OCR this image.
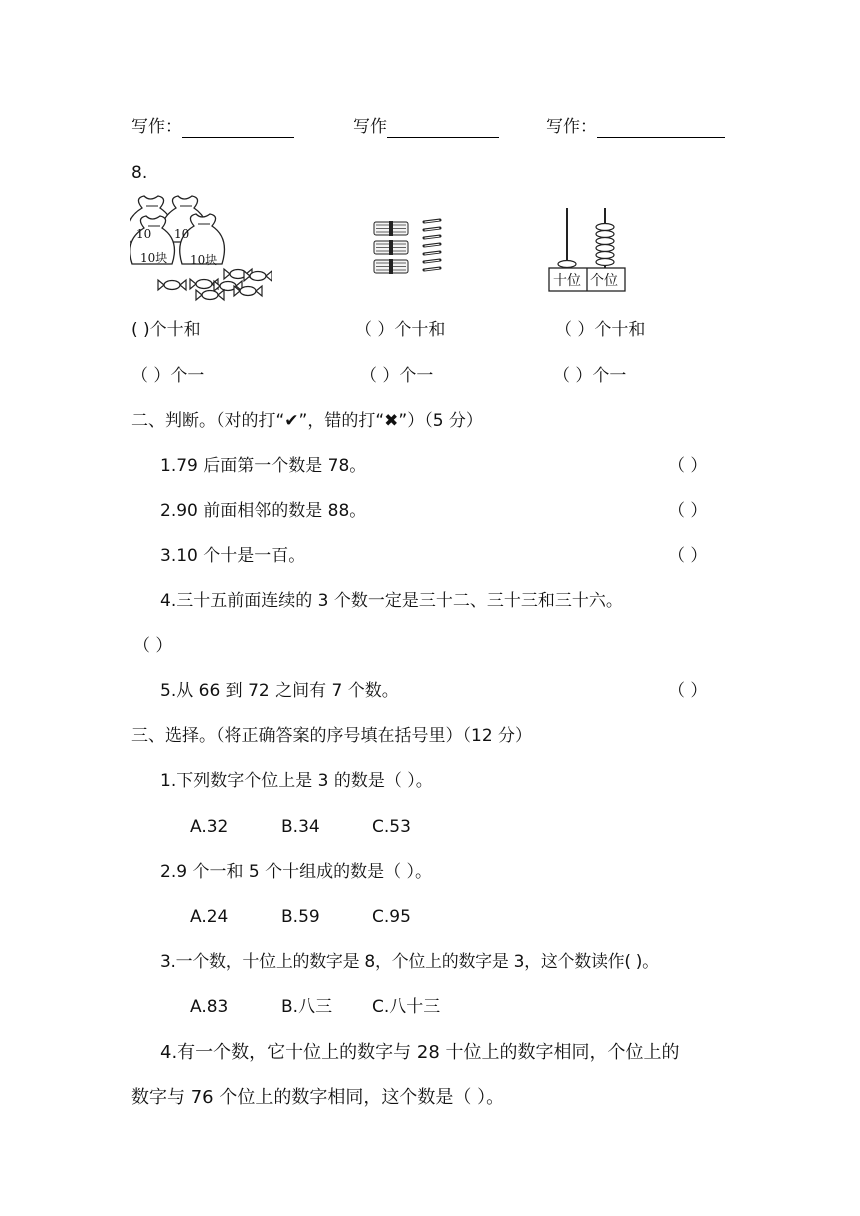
写作：	写作	写作：
8.
10 10
10块 10块
十位 个位
( )个十和	（ ）个十和	（ ）个十和
（ ）个一	（ ）个一	（ ）个一
二、判断。（对的打“✔”，错的打“✖”）（5 分）
1.79 后面第一个数是 78。	（ ）
2.90 前面相邻的数是 88。	（ ）
3.10 个十是一百。	（ ）
4.三十五前面连续的 3 个数一定是三十二、三十三和三十六。
（ ）
5.从 66 到 72 之间有 7 个数。	（ ）
三、选择。（将正确答案的序号填在括号里）（12 分）
1.下列数字个位上是 3 的数是（ ）。
A.32	B.34	C.53
2.9 个一和 5 个十组成的数是（ ）。
A.24	B.59	C.95
3.一个数，十位上的数字是 8，个位上的数字是 3，这个数读作( )。
A.83	B.八三 C.八十三
4.有一个数，它十位上的数字与 28 十位上的数字相同，个位上的
数字与 76 个位上的数字相同，这个数是（ ）。
